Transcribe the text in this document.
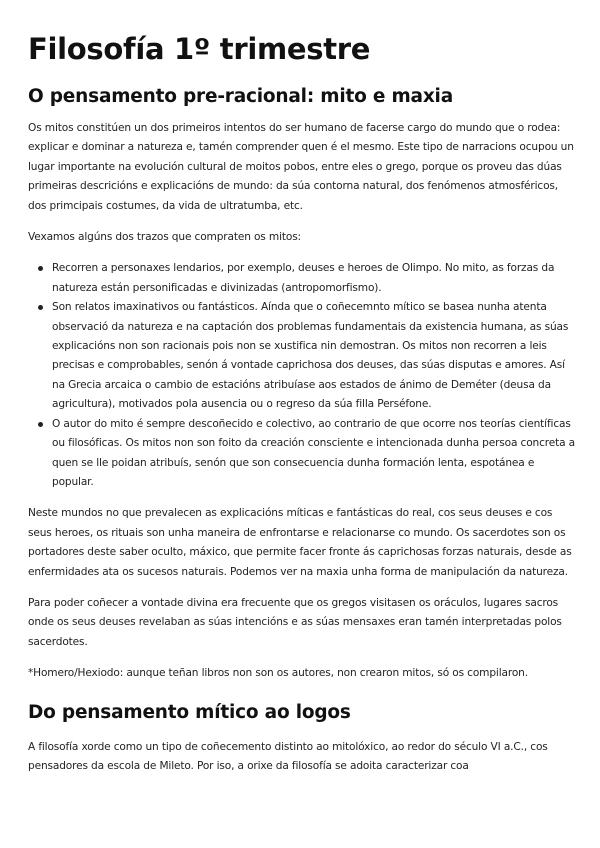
Filosofía 1º trimestre
O pensamento pre-racional: mito e maxia

Os mitos constitúen un dos primeiros intentos do ser humano de facerse cargo do mundo que o rodea: explicar e dominar a natureza e, tamén comprender quen é el mesmo. Este tipo de narracions ocupou un lugar importante na evolución cultural de moitos pobos, entre eles o grego, porque os proveu das dúas primeiras descricións e explicacións de mundo: da súa contorna natural, dos fenómenos atmosféricos, dos primcipais costumes, da vida de ultratumba, etc.

Vexamos algúns dos trazos que compraten os mitos:

Recorren a personaxes lendarios, por exemplo, deuses e heroes de Olimpo. No mito, as forzas da natureza están personificadas e divinizadas (antropomorfismo).
Son relatos imaxinativos ou fantásticos. Aínda que o coñecemnto mítico se basea nunha atenta observació da natureza e na captación dos problemas fundamentais da existencia humana, as súas explicacións non son racionais pois non se xustifica nin demostran. Os mitos non recorren a leis precisas e comprobables, senón á vontade caprichosa dos deuses, das súas disputas e amores. Así na Grecia arcaica o cambio de estacións atribuíase aos estados de ánimo de Deméter (deusa da agricultura), motivados pola ausencia ou o regreso da súa filla Perséfone.
O autor do mito é sempre descoñecido e colectivo, ao contrario de que ocorre nos teorías científicas ou filosóficas. Os mitos non son foito da creación consciente e intencionada dunha persoa concreta a quen se lle poidan atribuís, senón que son consecuencia dunha formación lenta, espotánea e popular.

Neste mundos no que prevalecen as explicacións míticas e fantásticas do real, cos seus deuses e cos seus heroes, os rituais son unha maneira de enfrontarse e relacionarse co mundo. Os sacerdotes son os portadores deste saber oculto, máxico, que permite facer fronte ás caprichosas forzas naturais, desde as enfermidades ata os sucesos naturais. Podemos ver na maxia unha forma de manipulación da natureza.

Para poder coñecer a vontade divina era frecuente que os gregos visitasen os oráculos, lugares sacros onde os seus deuses revelaban as súas intencións e as súas mensaxes eran tamén interpretadas polos sacerdotes.

*Homero/Hexiodo: aunque teñan libros non son os autores, non crearon mitos, só os compilaron.

Do pensamento mítico ao logos

A filosofía xorde como un tipo de coñecemento distinto ao mitolóxico, ao redor do século VI a.C., cos pensadores da escola de Mileto. Por iso, a orixe da filosofía se adoita caracterizar coa
